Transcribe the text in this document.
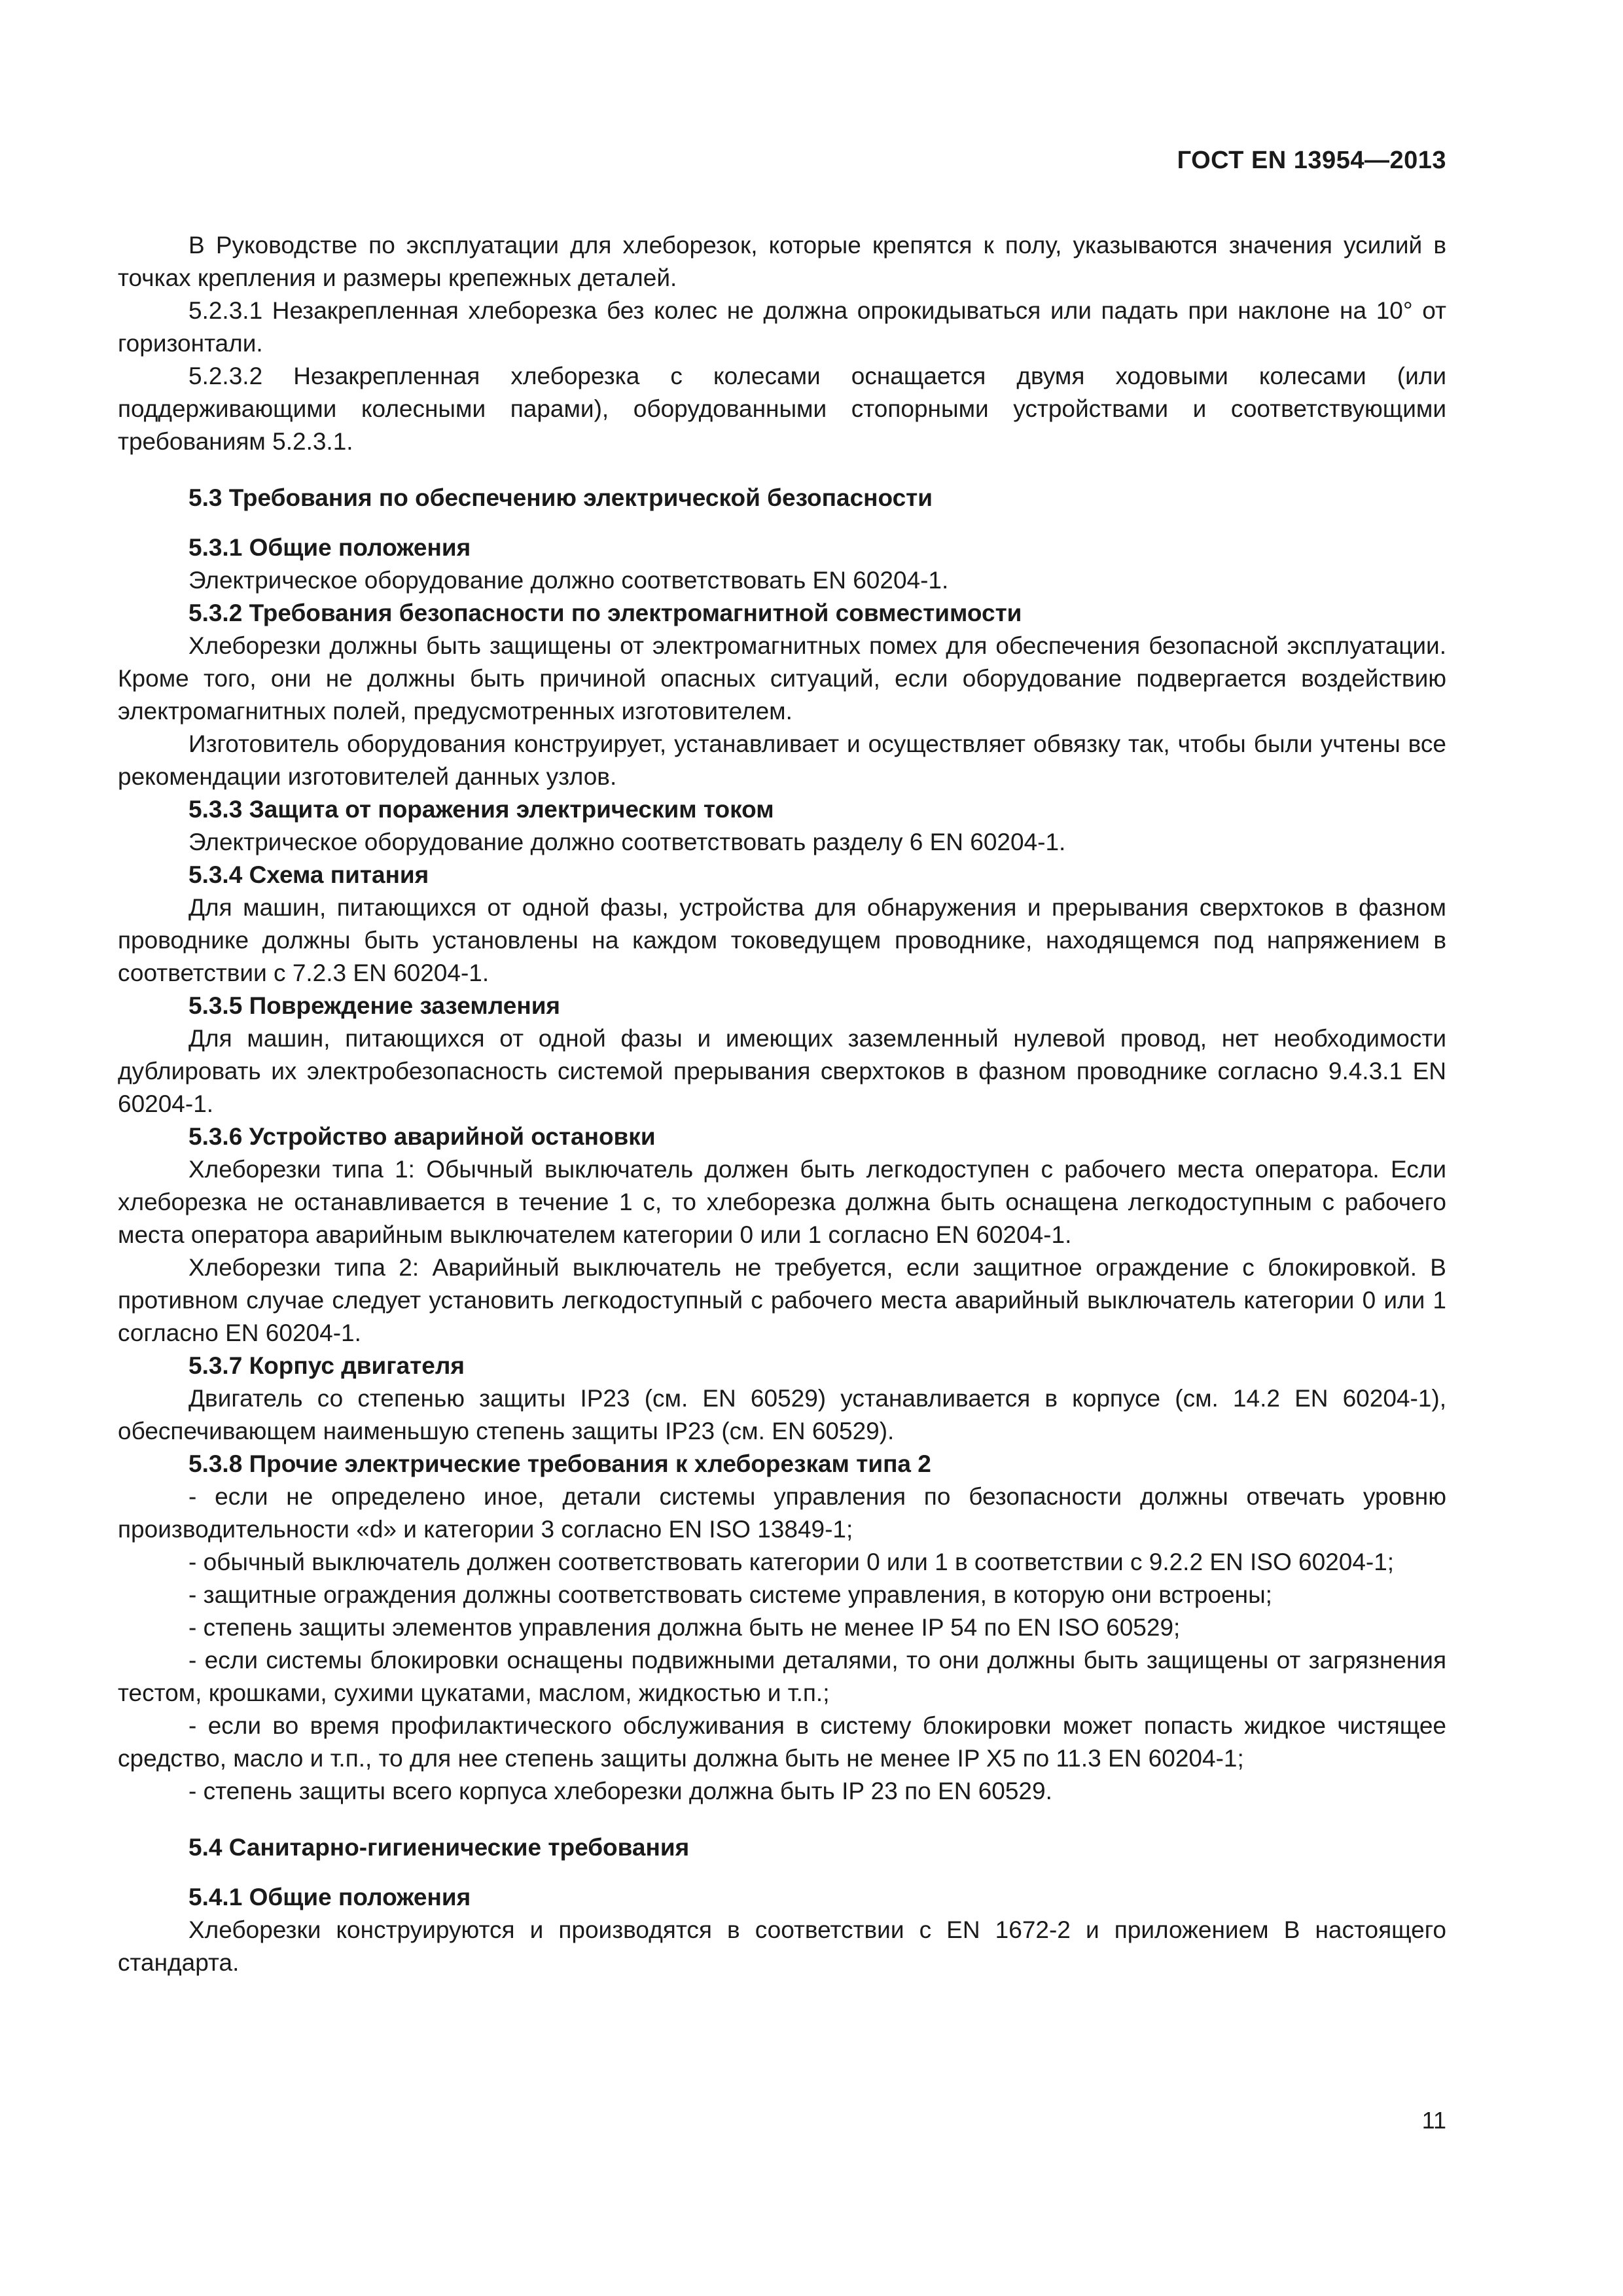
ГОСТ EN 13954—2013

В Руководстве по эксплуатации для хлеборезок, которые крепятся к полу, указываются значения усилий в точках крепления и размеры крепежных деталей.

5.2.3.1 Незакрепленная хлеборезка без колес не должна опрокидываться или падать при наклоне на 10° от горизонтали.

5.2.3.2 Незакрепленная хлеборезка с колесами оснащается двумя ходовыми колесами (или поддерживающими колесными парами), оборудованными стопорными устройствами и соответствующими требованиям 5.2.3.1.

5.3 Требования по обеспечению электрической безопасности
5.3.1 Общие положения

Электрическое оборудование должно соответствовать EN 60204-1.

5.3.2 Требования безопасности по электромагнитной совместимости

Хлеборезки должны быть защищены от электромагнитных помех для обеспечения безопасной эксплуатации. Кроме того, они не должны быть причиной опасных ситуаций, если оборудование подвергается воздействию электромагнитных полей, предусмотренных изготовителем.

Изготовитель оборудования конструирует, устанавливает и осуществляет обвязку так, чтобы были учтены все рекомендации изготовителей данных узлов.

5.3.3 Защита от поражения электрическим током

Электрическое оборудование должно соответствовать разделу 6 EN 60204-1.

5.3.4 Схема питания

Для машин, питающихся от одной фазы, устройства для обнаружения и прерывания сверхтоков в фазном проводнике должны быть установлены на каждом токоведущем проводнике, находящемся под напряжением в соответствии с 7.2.3 EN 60204-1.

5.3.5 Повреждение заземления

Для машин, питающихся от одной фазы и имеющих заземленный нулевой провод, нет необходимости дублировать их электробезопасность системой прерывания сверхтоков в фазном проводнике согласно 9.4.3.1 EN 60204-1.

5.3.6 Устройство аварийной остановки

Хлеборезки типа 1: Обычный выключатель должен быть легкодоступен с рабочего места оператора. Если хлеборезка не останавливается в течение 1 с, то хлеборезка должна быть оснащена легкодоступным с рабочего места оператора аварийным выключателем категории 0 или 1 согласно EN 60204-1.

Хлеборезки типа 2: Аварийный выключатель не требуется, если защитное ограждение с блокировкой. В противном случае следует установить легкодоступный с рабочего места аварийный выключатель категории 0 или 1 согласно EN 60204-1.

5.3.7 Корпус двигателя

Двигатель со степенью защиты IP23 (см. EN 60529) устанавливается в корпусе (см. 14.2 EN 60204-1), обеспечивающем наименьшую степень защиты IP23 (см. EN 60529).

5.3.8 Прочие электрические требования к хлеборезкам типа 2

- если не определено иное, детали системы управления по безопасности должны отвечать уровню производительности «d» и категории 3 согласно EN ISO 13849-1;

- обычный выключатель должен соответствовать категории 0 или 1 в соответствии с 9.2.2 EN ISO 60204-1;

- защитные ограждения должны соответствовать системе управления, в которую они встроены;

- степень защиты элементов управления должна быть не менее IP 54 по EN ISO 60529;

- если системы блокировки оснащены подвижными деталями, то они должны быть защищены от загрязнения тестом, крошками, сухими цукатами, маслом, жидкостью и т.п.;

- если во время профилактического обслуживания в систему блокировки может попасть жидкое чистящее средство, масло и т.п., то для нее степень защиты должна быть не менее IP X5 по 11.3 EN 60204-1;

- степень защиты всего корпуса хлеборезки должна быть IP 23 по EN 60529.

5.4 Санитарно-гигиенические требования
5.4.1 Общие положения

Хлеборезки конструируются и производятся в соответствии с EN 1672-2 и приложением В настоящего стандарта.

11
